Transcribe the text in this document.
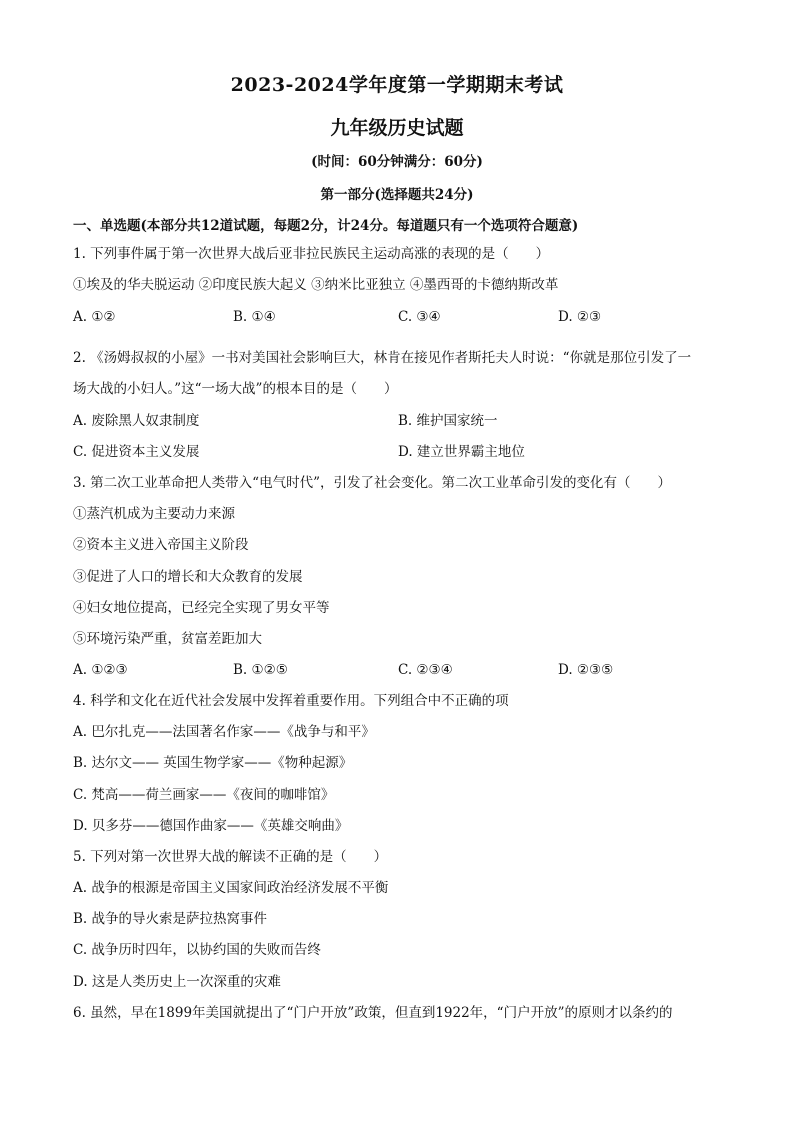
2023-2024学年度第一学期期末考试
九年级历史试题
(时间：60分钟满分：60分)
第一部分(选择题共24分)
一、单选题(本部分共12道试题，每题2分，计24分。每道题只有一个选项符合题意)
1. 下列事件属于第一次世界大战后亚非拉民族民主运动高涨的表现的是（　　）
①埃及的华夫脱运动 ②印度民族大起义 ③纳米比亚独立 ④墨西哥的卡德纳斯改革
A. ①②	B. ①④	C. ③④	D. ②③
2. 《汤姆叔叔的小屋》一书对美国社会影响巨大，林肯在接见作者斯托夫人时说：“你就是那位引发了一
场大战的小妇人。”这“一场大战”的根本目的是（　　）
A. 废除黑人奴隶制度	B. 维护国家统一
C. 促进资本主义发展	D. 建立世界霸主地位
3. 第二次工业革命把人类带入“电气时代”，引发了社会变化。第二次工业革命引发的变化有（　　）
①蒸汽机成为主要动力来源
②资本主义进入帝国主义阶段
③促进了人口的增长和大众教育的发展
④妇女地位提高，已经完全实现了男女平等
⑤环境污染严重，贫富差距加大
A. ①②③	B. ①②⑤	C. ②③④	D. ②③⑤
4. 科学和文化在近代社会发展中发挥着重要作用。下列组合中不正确的项
A. 巴尔扎克——法国著名作家——《战争与和平》
B. 达尔文—— 英国生物学家——《物种起源》
C. 梵高——荷兰画家——《夜间的咖啡馆》
D. 贝多芬——德国作曲家——《英雄交响曲》
5. 下列对第一次世界大战的解读不正确的是（　　）
A. 战争的根源是帝国主义国家间政治经济发展不平衡
B. 战争的导火索是萨拉热窝事件
C. 战争历时四年，以协约国的失败而告终
D. 这是人类历史上一次深重的灾难
6. 虽然，早在1899年美国就提出了“门户开放”政策，但直到1922年，“门户开放”的原则才以条约的
